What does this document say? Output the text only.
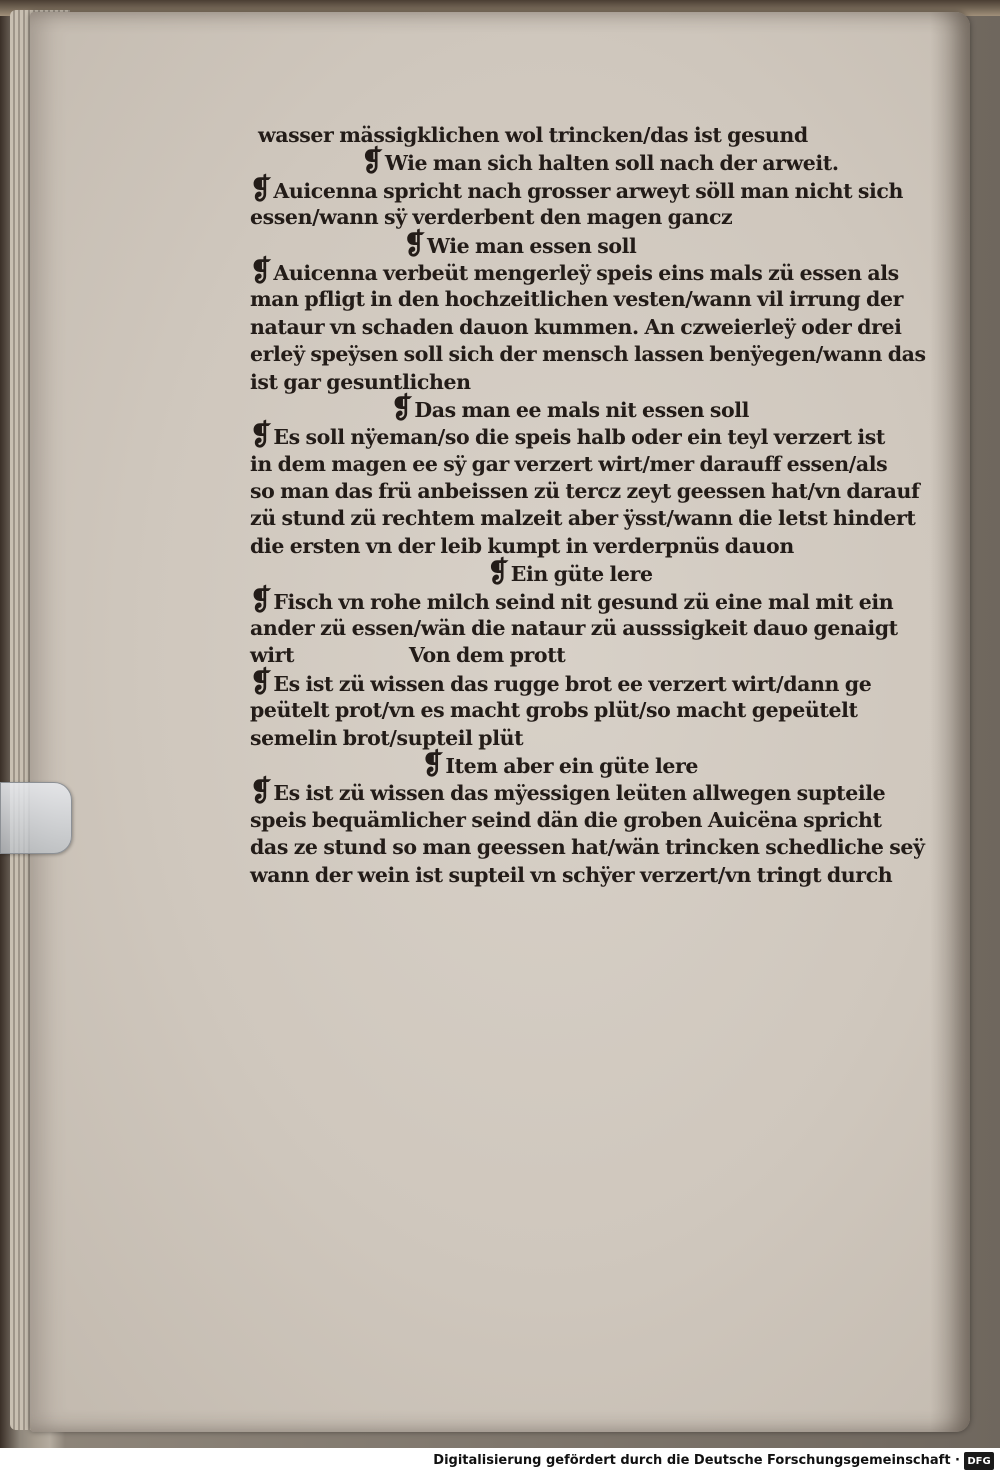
wasser mässigklichen wol trincken/das ist gesund
❡Wie man sich halten soll nach der arweit.
❡Auicenna spricht nach grosser arweyt söll man nicht sich
essen/wann sÿ verderbent den magen gancz
❡Wie man essen soll
❡Auicenna verbeüt mengerleÿ speis eins mals zü essen als
man pfligt in den hochzeitlichen vesten/wann vil irrung der
nataur vn schaden dauon kummen. An czweierleÿ oder drei
erleÿ speÿsen soll sich der mensch lassen benÿegen/wann das
ist gar gesuntlichen
❡Das man ee mals nit essen soll
❡Es soll nÿeman/so die speis halb oder ein teyl verzert ist
in dem magen ee sÿ gar verzert wirt/mer darauff essen/als
so man das frü anbeissen zü tercz zeyt geessen hat/vn darauf
zü stund zü rechtem malzeit aber ÿsst/wann die letst hindert
die ersten vn der leib kumpt in verderpnüs dauon
❡Ein güte lere
❡Fisch vn rohe milch seind nit gesund zü eine mal mit ein
ander zü essen/wän die nataur zü ausssigkeit dauo genaigt
wirt                    Von dem prott
❡Es ist zü wissen das rugge brot ee verzert wirt/dann ge
peütelt prot/vn es macht grobs plüt/so macht gepeütelt
semelin brot/supteil plüt
❡Item aber ein güte lere
❡Es ist zü wissen das mÿessigen leüten allwegen supteile
speis bequämlicher seind dän die groben Auicëna spricht
das ze stund so man geessen hat/wän trincken schedliche seÿ
wann der wein ist supteil vn schÿer verzert/vn tringt durch
Digitalisierung gefördert durch die Deutsche Forschungsgemeinschaft · DFG
